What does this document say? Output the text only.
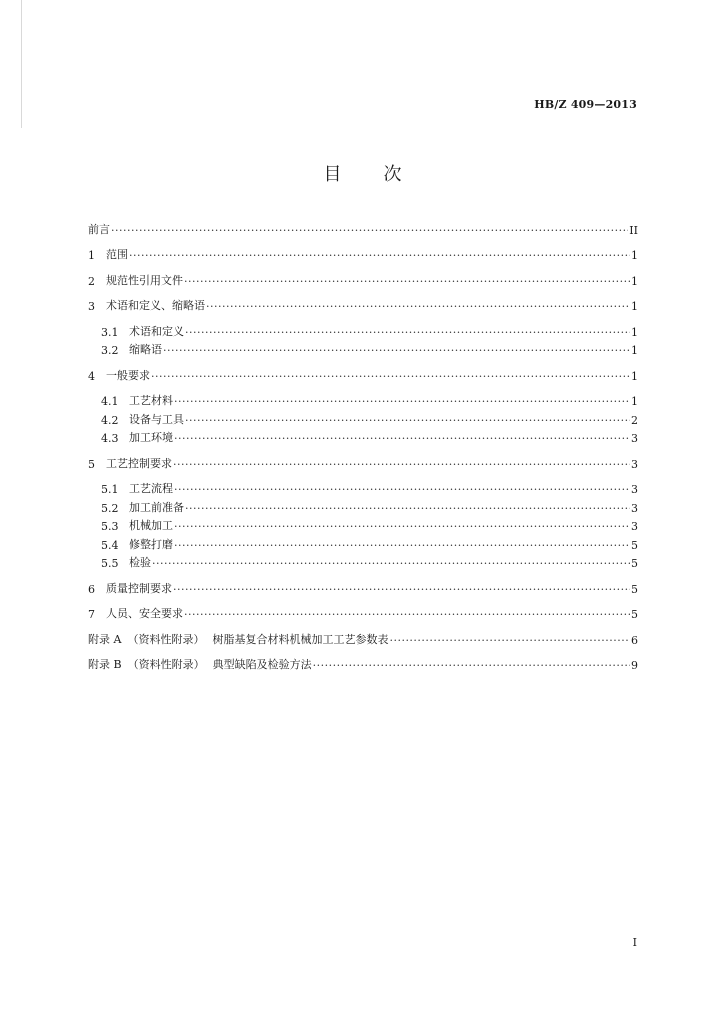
HB/Z 409—2013
目 次
前言 ·····	II
1	范围 ·····	1
2	规范性引用文件 ·····	1
3	术语和定义、缩略语 ·····	1
3.1 术语和定义 ·····	1
3.2 缩略语 ·····	1
4	一般要求 ·····	1
4.1 工艺材料 ·····	1
4.2 设备与工具 ·····	2
4.3 加工环境 ·····	3
5	工艺控制要求 ·····	3
5.1 工艺流程 ·····	3
5.2 加工前准备 ·····	3
5.3 机械加工 ·····	3
5.4 修整打磨 ·····	5
5.5 检验 ·····	5
6	质量控制要求 ·····	5
7	人员、安全要求 ·····	5
附录 A （资料性附录） 树脂基复合材料机械加工工艺参数表 ·····	6
附录 B （资料性附录） 典型缺陷及检验方法 ·····	9
I
